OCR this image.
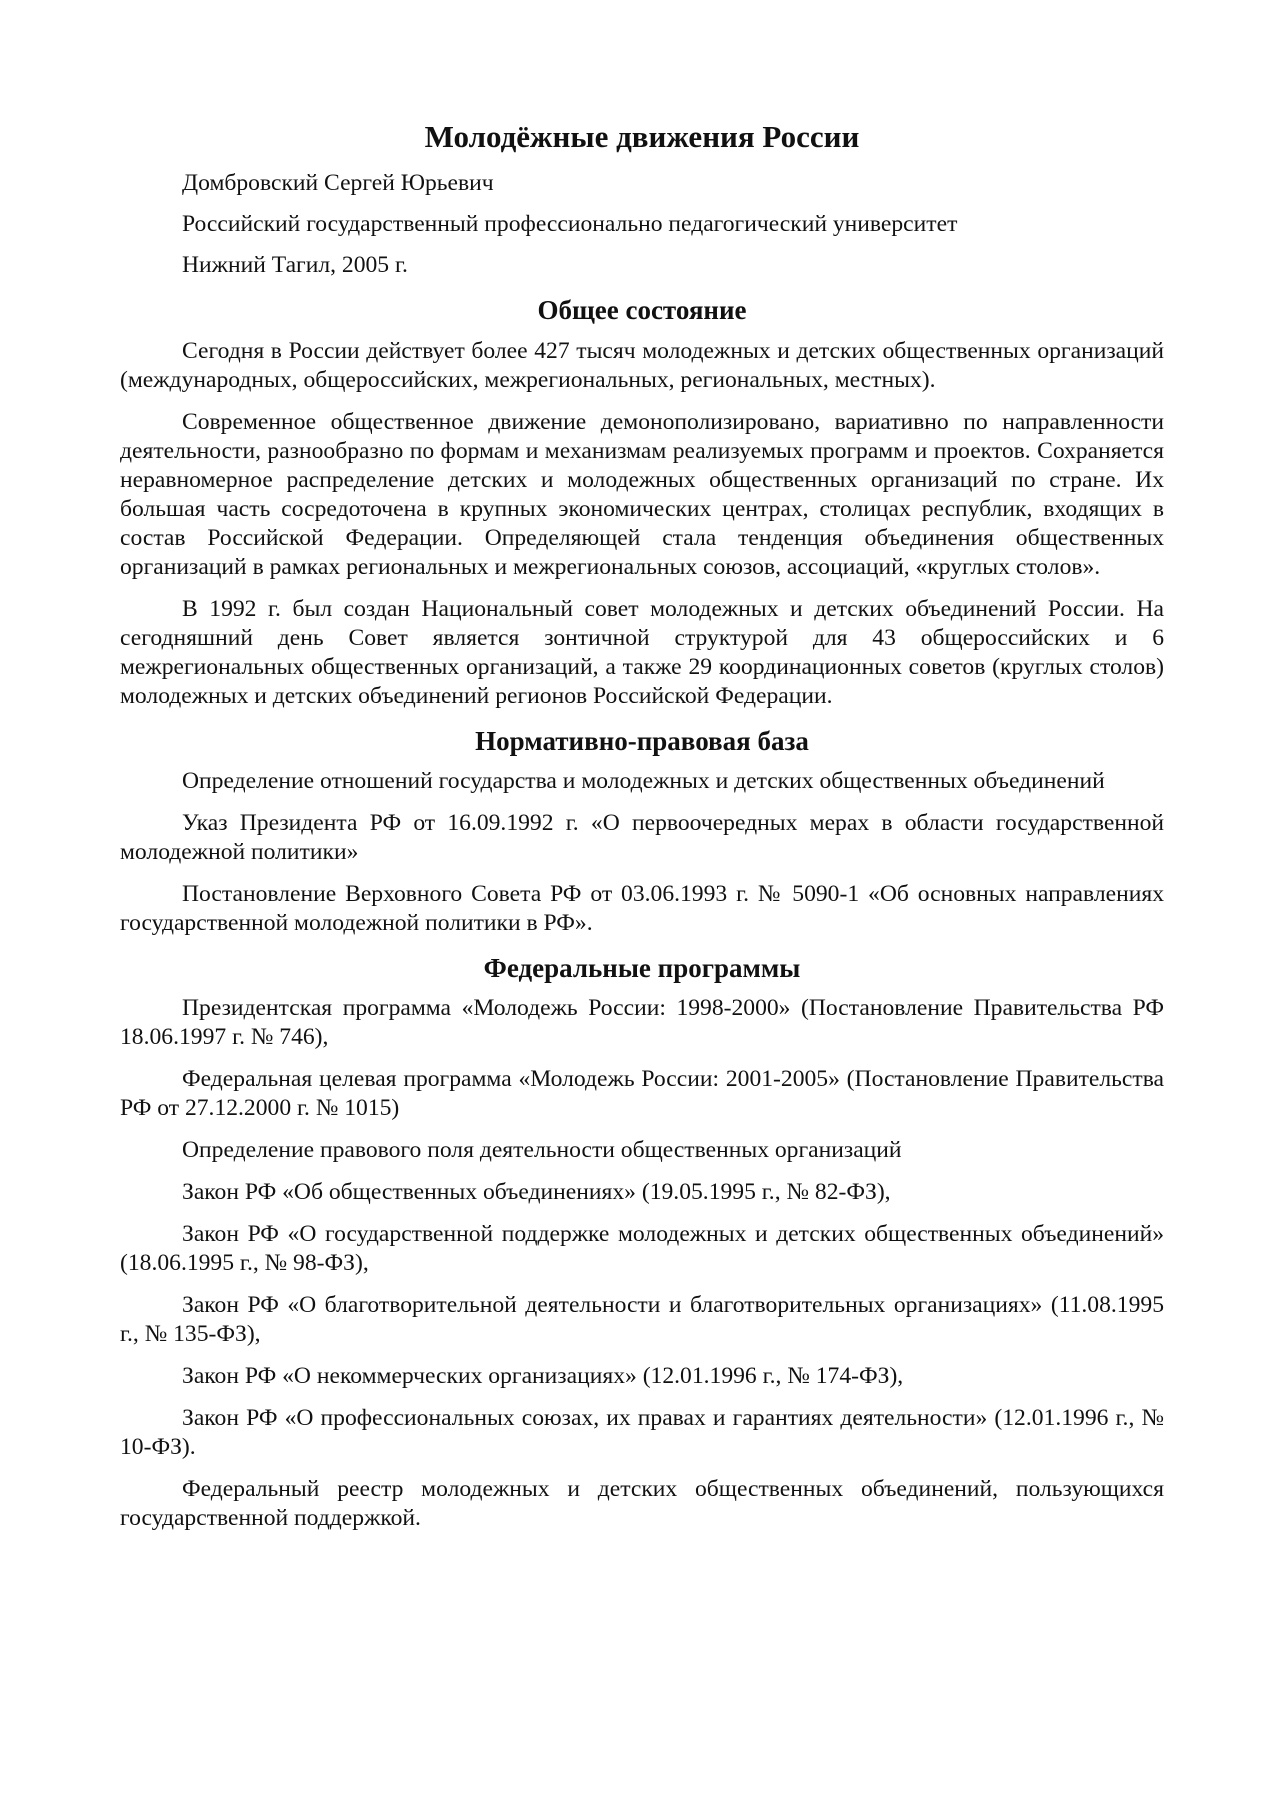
Молодёжные движения России

Домбровский Сергей Юрьевич

Российский государственный профессионально педагогический университет

Нижний Тагил, 2005 г.

Общее состояние

Сегодня в России действует более 427 тысяч молодежных и детских общественных организаций (международных, общероссийских, межрегиональных, региональных, местных).

Современное общественное движение демонополизировано, вариативно по направленности деятельности, разнообразно по формам и механизмам реализуемых программ и проектов. Сохраняется неравномерное распределение детских и молодежных общественных организаций по стране. Их большая часть сосредоточена в крупных экономических центрах, столицах республик, входящих в состав Российской Федерации. Определяющей стала тенденция объединения общественных организаций в рамках региональных и межрегиональных союзов, ассоциаций, «круглых столов».

В 1992 г. был создан Национальный совет молодежных и детских объединений России. На сегодняшний день Совет является зонтичной структурой для 43 общероссийских и 6 межрегиональных общественных организаций, а также 29 координационных советов (круглых столов) молодежных и детских объединений регионов Российской Федерации.

Нормативно-правовая база

Определение отношений государства и молодежных и детских общественных объединений

Указ Президента РФ от 16.09.1992 г. «О первоочередных мерах в области государственной молодежной политики»

Постановление Верховного Совета РФ от 03.06.1993 г. № 5090-1 «Об основных направлениях государственной молодежной политики в РФ».

Федеральные программы

Президентская программа «Молодежь России: 1998-2000» (Постановление Правительства РФ 18.06.1997 г. № 746),

Федеральная целевая программа «Молодежь России: 2001-2005» (Постановление Правительства РФ от 27.12.2000 г. № 1015)

Определение правового поля деятельности общественных организаций

Закон РФ «Об общественных объединениях» (19.05.1995 г., № 82-ФЗ),

Закон РФ «О государственной поддержке молодежных и детских общественных объединений» (18.06.1995 г., № 98-ФЗ),

Закон РФ «О благотворительной деятельности и благотворительных организациях» (11.08.1995 г., № 135-ФЗ),

Закон РФ «О некоммерческих организациях» (12.01.1996 г., № 174-ФЗ),

Закон РФ «О профессиональных союзах, их правах и гарантиях деятельности» (12.01.1996 г., № 10-ФЗ).

Федеральный реестр молодежных и детских общественных объединений, пользующихся государственной поддержкой.
